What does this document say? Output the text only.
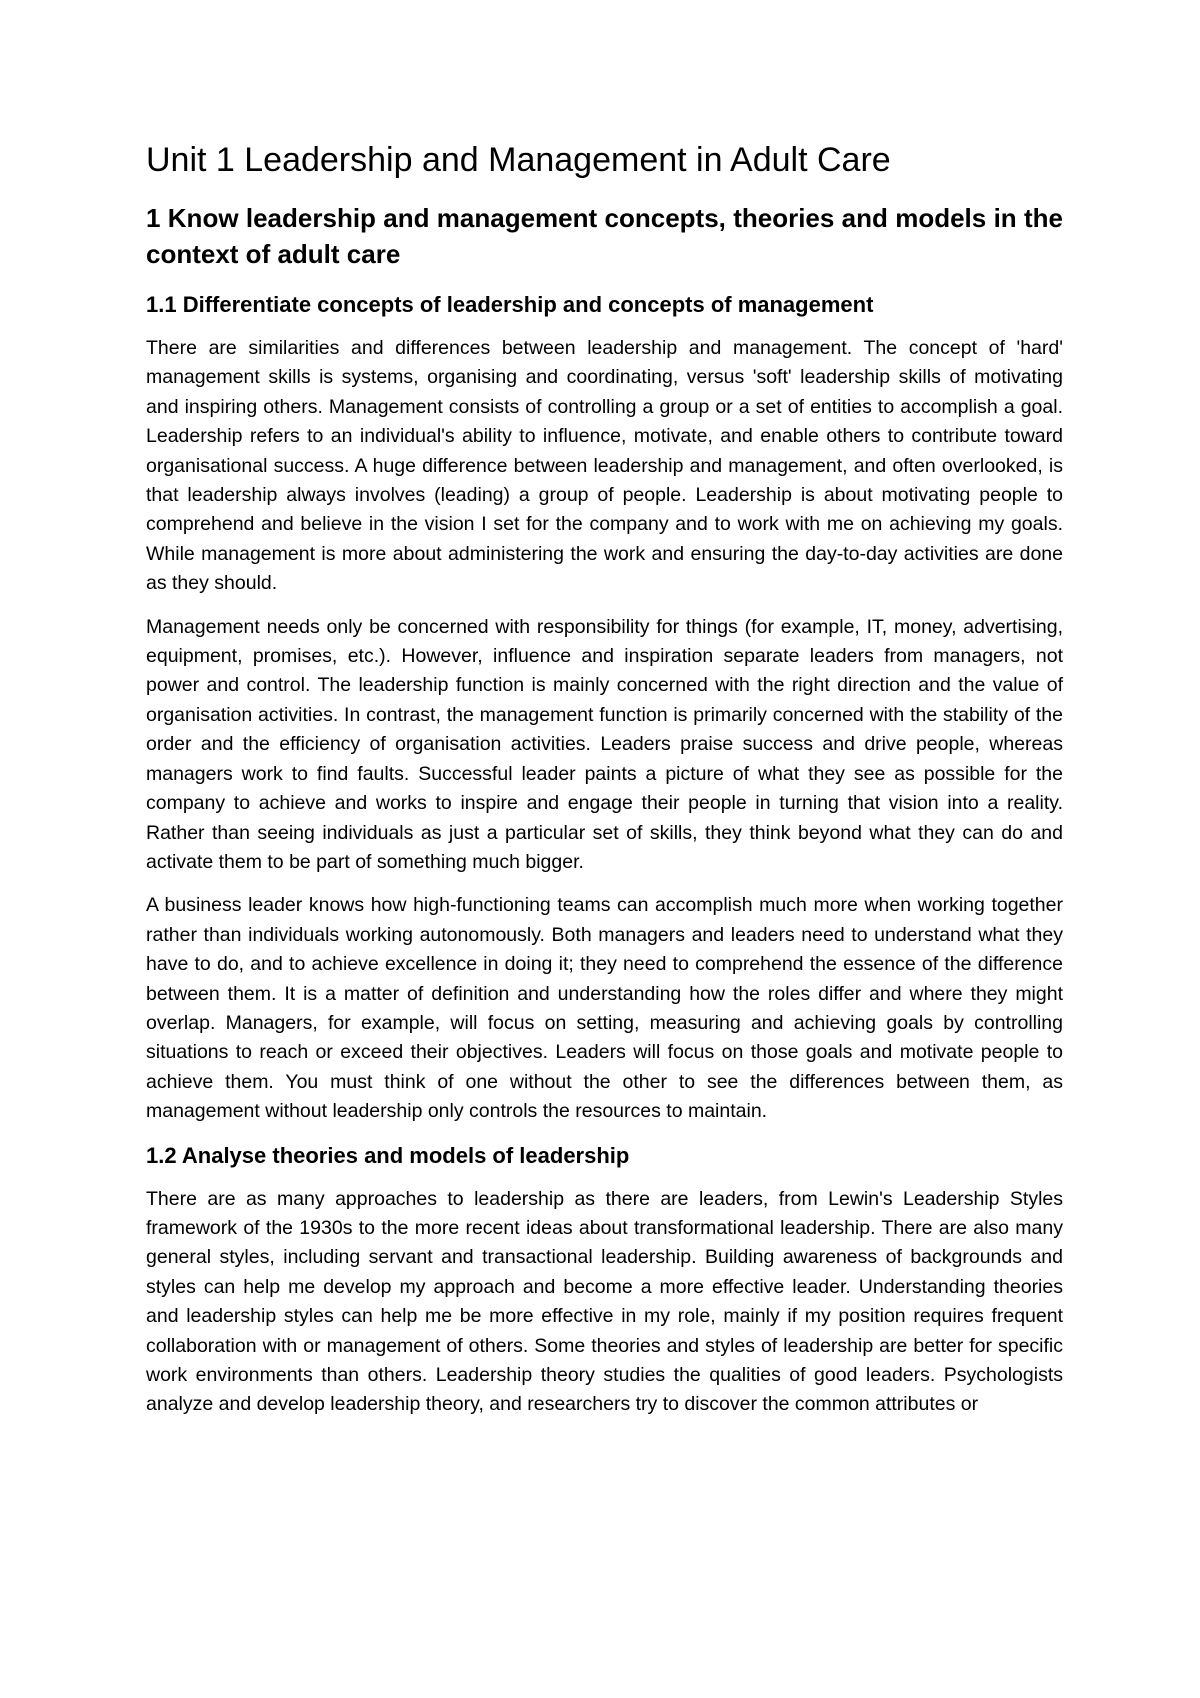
Unit 1 Leadership and Management in Adult Care
1 Know leadership and management concepts, theories and models in the context of adult care
1.1 Differentiate concepts of leadership and concepts of management

There are similarities and differences between leadership and management. The concept of 'hard' management skills is systems, organising and coordinating, versus 'soft' leadership skills of motivating and inspiring others. Management consists of controlling a group or a set of entities to accomplish a goal. Leadership refers to an individual's ability to influence, motivate, and enable others to contribute toward organisational success. A huge difference between leadership and management, and often overlooked, is that leadership always involves (leading) a group of people. Leadership is about motivating people to comprehend and believe in the vision I set for the company and to work with me on achieving my goals. While management is more about administering the work and ensuring the day-to-day activities are done as they should.

Management needs only be concerned with responsibility for things (for example, IT, money, advertising, equipment, promises, etc.). However, influence and inspiration separate leaders from managers, not power and control. The leadership function is mainly concerned with the right direction and the value of organisation activities. In contrast, the management function is primarily concerned with the stability of the order and the efficiency of organisation activities. Leaders praise success and drive people, whereas managers work to find faults. Successful leader paints a picture of what they see as possible for the company to achieve and works to inspire and engage their people in turning that vision into a reality. Rather than seeing individuals as just a particular set of skills, they think beyond what they can do and activate them to be part of something much bigger.

A business leader knows how high-functioning teams can accomplish much more when working together rather than individuals working autonomously. Both managers and leaders need to understand what they have to do, and to achieve excellence in doing it; they need to comprehend the essence of the difference between them. It is a matter of definition and understanding how the roles differ and where they might overlap. Managers, for example, will focus on setting, measuring and achieving goals by controlling situations to reach or exceed their objectives. Leaders will focus on those goals and motivate people to achieve them. You must think of one without the other to see the differences between them, as management without leadership only controls the resources to maintain.

1.2 Analyse theories and models of leadership

There are as many approaches to leadership as there are leaders, from Lewin's Leadership Styles framework of the 1930s to the more recent ideas about transformational leadership. There are also many general styles, including servant and transactional leadership. Building awareness of backgrounds and styles can help me develop my approach and become a more effective leader. Understanding theories and leadership styles can help me be more effective in my role, mainly if my position requires frequent collaboration with or management of others. Some theories and styles of leadership are better for specific work environments than others. Leadership theory studies the qualities of good leaders. Psychologists analyze and develop leadership theory, and researchers try to discover the common attributes or
